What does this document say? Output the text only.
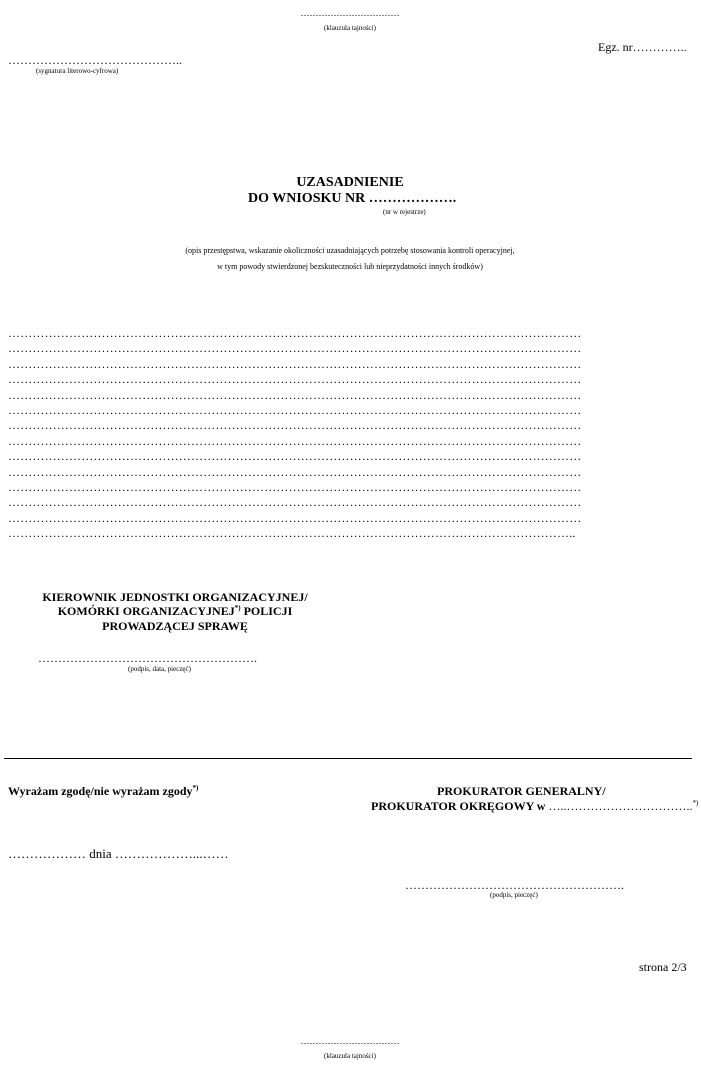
……………………………
(klauzula tajności)
Egz. nr…………..
……………………………………..
(sygnatura literowo-cyfrowa)
UZASADNIENIE
DO WNIOSKU NR ……………….
(nr w rejestrze)
(opis przestępstwa, wskazanie okoliczności uzasadniających potrzebę stosowania kontroli operacyjnej,
w tym powody stwierdzonej bezskuteczności lub nieprzydatności innych środków)
……………………………………………………………………………………………………………………………
……………………………………………………………………………………………………………………………
……………………………………………………………………………………………………………………………
……………………………………………………………………………………………………………………………
……………………………………………………………………………………………………………………………
……………………………………………………………………………………………………………………………
……………………………………………………………………………………………………………………………
……………………………………………………………………………………………………………………………
……………………………………………………………………………………………………………………………
……………………………………………………………………………………………………………………………
……………………………………………………………………………………………………………………………
……………………………………………………………………………………………………………………………
……………………………………………………………………………………………………………………………
…………………………………………………………………………………………………………………………..
KIEROWNIK JEDNOSTKI ORGANIZACYJNEJ/
KOMÓRKI ORGANIZACYJNEJ*) POLICJI
PROWADZĄCEJ SPRAWĘ
……………………………………………….
(podpis, data, pieczęć)
Wyrażam zgodę/nie wyrażam zgody*)
……………… dnia ………………...……
PROKURATOR GENERALNY/
PROKURATOR OKRĘGOWY w …..…………………………..*)
……………………………………………….
(podpis, pieczęć)
strona 2/3
……………………………
(klauzula tajności)
